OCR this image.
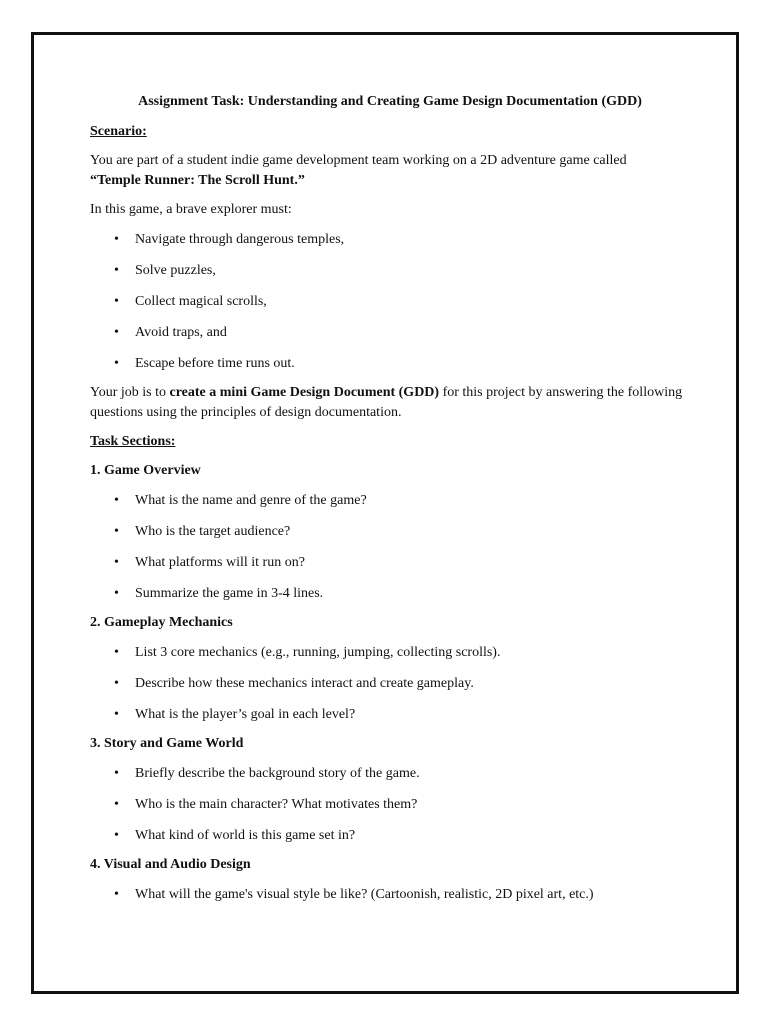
Assignment Task: Understanding and Creating Game Design Documentation (GDD)

Scenario:

You are part of a student indie game development team working on a 2D adventure game called
“Temple Runner: The Scroll Hunt.”

In this game, a brave explorer must:

• Navigate through dangerous temples,
• Solve puzzles,
• Collect magical scrolls,
• Avoid traps, and
• Escape before time runs out.

Your job is to create a mini Game Design Document (GDD) for this project by answering the following questions using the principles of design documentation.

Task Sections:

1. Game Overview

• What is the name and genre of the game?
• Who is the target audience?
• What platforms will it run on?
• Summarize the game in 3-4 lines.

2. Gameplay Mechanics

• List 3 core mechanics (e.g., running, jumping, collecting scrolls).
• Describe how these mechanics interact and create gameplay.
• What is the player’s goal in each level?

3. Story and Game World

• Briefly describe the background story of the game.
• Who is the main character? What motivates them?
• What kind of world is this game set in?

4. Visual and Audio Design

• What will the game's visual style be like? (Cartoonish, realistic, 2D pixel art, etc.)
